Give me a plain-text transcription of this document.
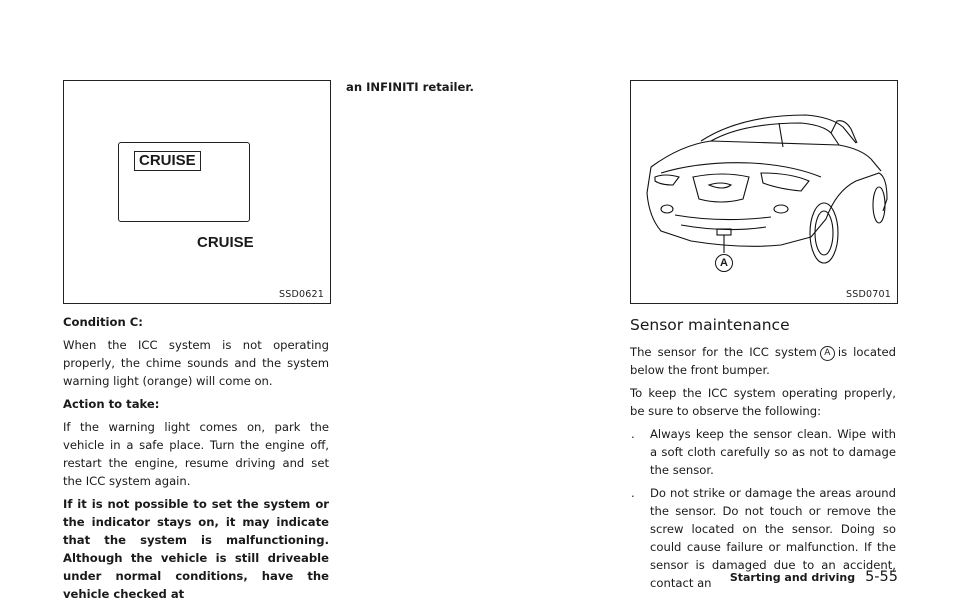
CRUISE
CRUISE
SSD0621
A
SSD0701

Condition C:

When the ICC system is not operating properly, the chime sounds and the system warning light (orange) will come on.

Action to take:

If the warning light comes on, park the vehicle in a safe place. Turn the engine off, restart the engine, resume driving and set the ICC system again.

If it is not possible to set the system or the indicator stays on, it may indicate that the system is malfunctioning. Although the vehicle is still driveable under normal conditions, have the vehicle checked at

an INFINITI retailer.

Sensor maintenance

The sensor for the ICC system A is located below the front bumper.

To keep the ICC system operating properly, be sure to observe the following:

. Always keep the sensor clean. Wipe with a soft cloth carefully so as not to damage the sensor.
. Do not strike or damage the areas around the sensor. Do not touch or remove the screw located on the sensor. Doing so could cause failure or malfunction. If the sensor is damaged due to an accident, contact an	Starting and driving 5-55
